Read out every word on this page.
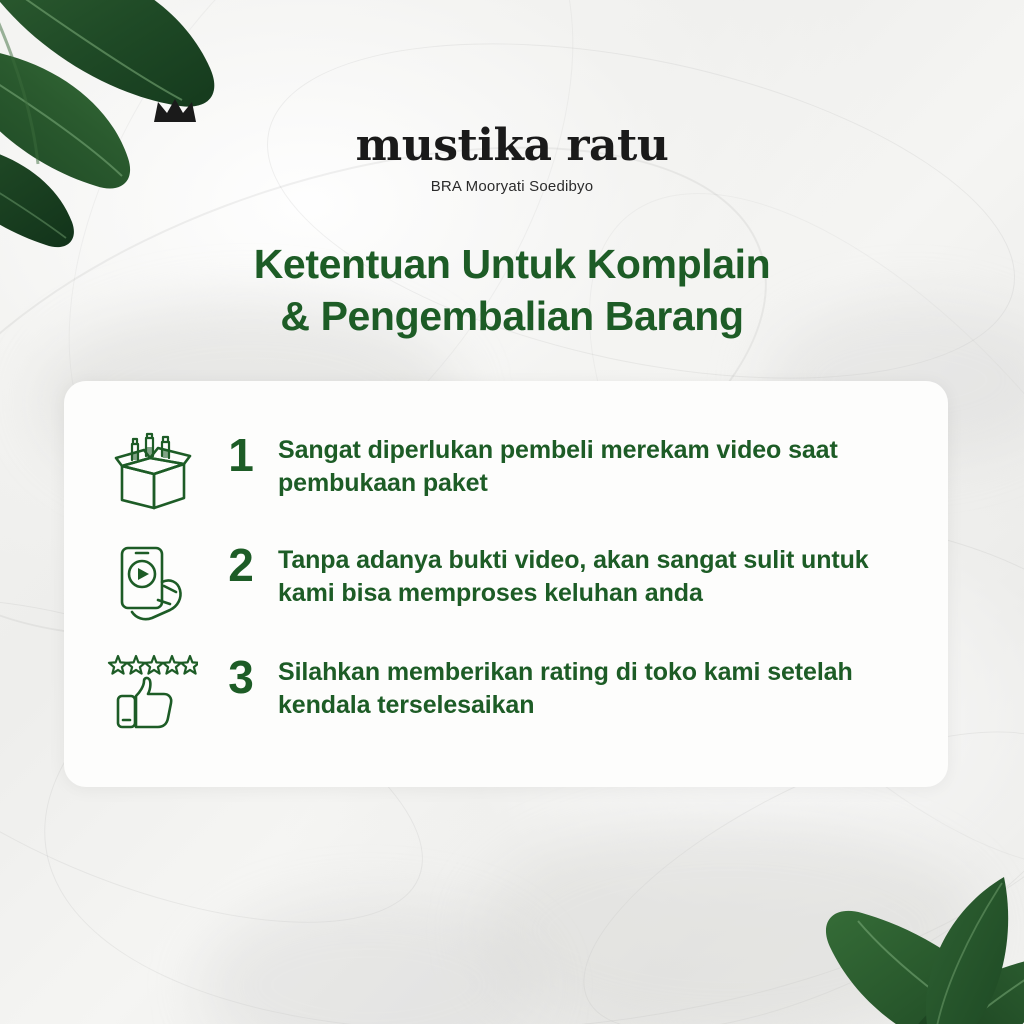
mustika ratu
BRA Mooryati Soedibyo
Ketentuan Untuk Komplain
& Pengembalian Barang
1 Sangat diperlukan pembeli merekam video saat pembukaan paket
2 Tanpa adanya bukti video, akan sangat sulit untuk kami bisa memproses keluhan anda
3 Silahkan memberikan rating di toko kami setelah kendala terselesaikan
